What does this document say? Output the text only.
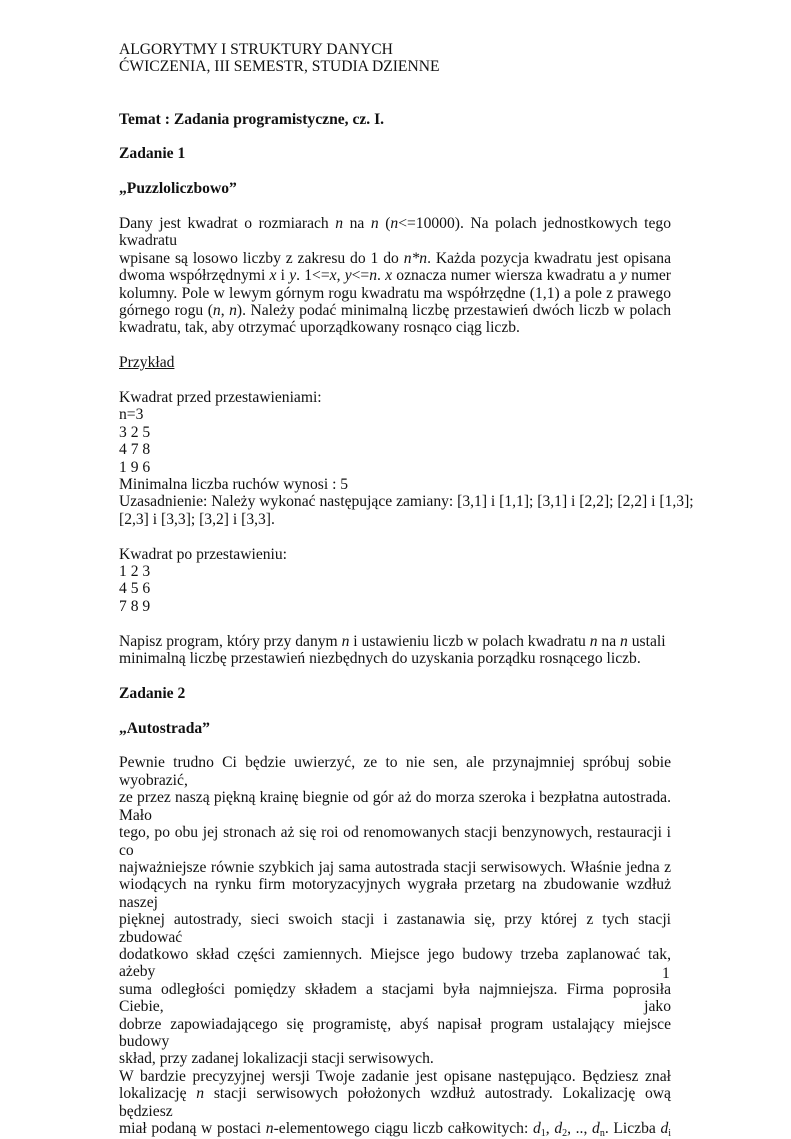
ALGORYTMY I STRUKTURY DANYCH
ĆWICZENIA, III SEMESTR, STUDIA DZIENNE
Temat : Zadania programistyczne, cz. I.
Zadanie 1
„Puzzloliczbowo”
Dany jest kwadrat o rozmiarach n na n (n<=10000). Na polach jednostkowych tego kwadratu
wpisane są losowo liczby z zakresu do 1 do n*n. Każda pozycja kwadratu jest opisana
dwoma współrzędnymi x i y. 1<=x, y<=n. x oznacza numer wiersza kwadratu a y numer
kolumny. Pole w lewym górnym rogu kwadratu ma współrzędne (1,1) a pole z prawego
górnego rogu (n, n). Należy podać minimalną liczbę przestawień dwóch liczb w polach
kwadratu, tak, aby otrzymać uporządkowany rosnąco ciąg liczb.
Przykład
Kwadrat przed przestawieniami:
n=3
3 2 5
4 7 8
1 9 6
Minimalna liczba ruchów wynosi : 5
Uzasadnienie: Należy wykonać następujące zamiany: [3,1] i [1,1]; [3,1] i [2,2]; [2,2] i [1,3];
[2,3] i [3,3]; [3,2] i [3,3].
Kwadrat po przestawieniu:
1 2 3
4 5 6
7 8 9
Napisz program, który przy danym n i ustawieniu liczb w polach kwadratu n na n ustali
minimalną liczbę przestawień niezbędnych do uzyskania porządku rosnącego liczb.
Zadanie 2
„Autostrada”
Pewnie trudno Ci będzie uwierzyć, ze to nie sen, ale przynajmniej spróbuj sobie wyobrazić,
ze przez naszą piękną krainę biegnie od gór aż do morza szeroka i bezpłatna autostrada. Mało
tego, po obu jej stronach aż się roi od renomowanych stacji benzynowych, restauracji i co
najważniejsze równie szybkich jaj sama autostrada stacji serwisowych. Właśnie jedna z
wiodących na rynku firm motoryzacyjnych wygrała przetarg na zbudowanie wzdłuż naszej
pięknej autostrady, sieci swoich stacji i zastanawia się, przy której z tych stacji zbudować
dodatkowo skład części zamiennych. Miejsce jego budowy trzeba zaplanować tak, ażeby
suma odległości pomiędzy składem a stacjami była najmniejsza. Firma poprosiła Ciebie, jako
dobrze zapowiadającego się programistę, abyś napisał program ustalający miejsce budowy
skład, przy zadanej lokalizacji stacji serwisowych.
W bardzie precyzyjnej wersji Twoje zadanie jest opisane następująco. Będziesz znał
lokalizację n stacji serwisowych położonych wzdłuż autostrady. Lokalizację ową będziesz
miał podaną w postaci n-elementowego ciągu liczb całkowitych: $d_1$, $d_2$, .., $d_n$. Liczba $d_i$
1
